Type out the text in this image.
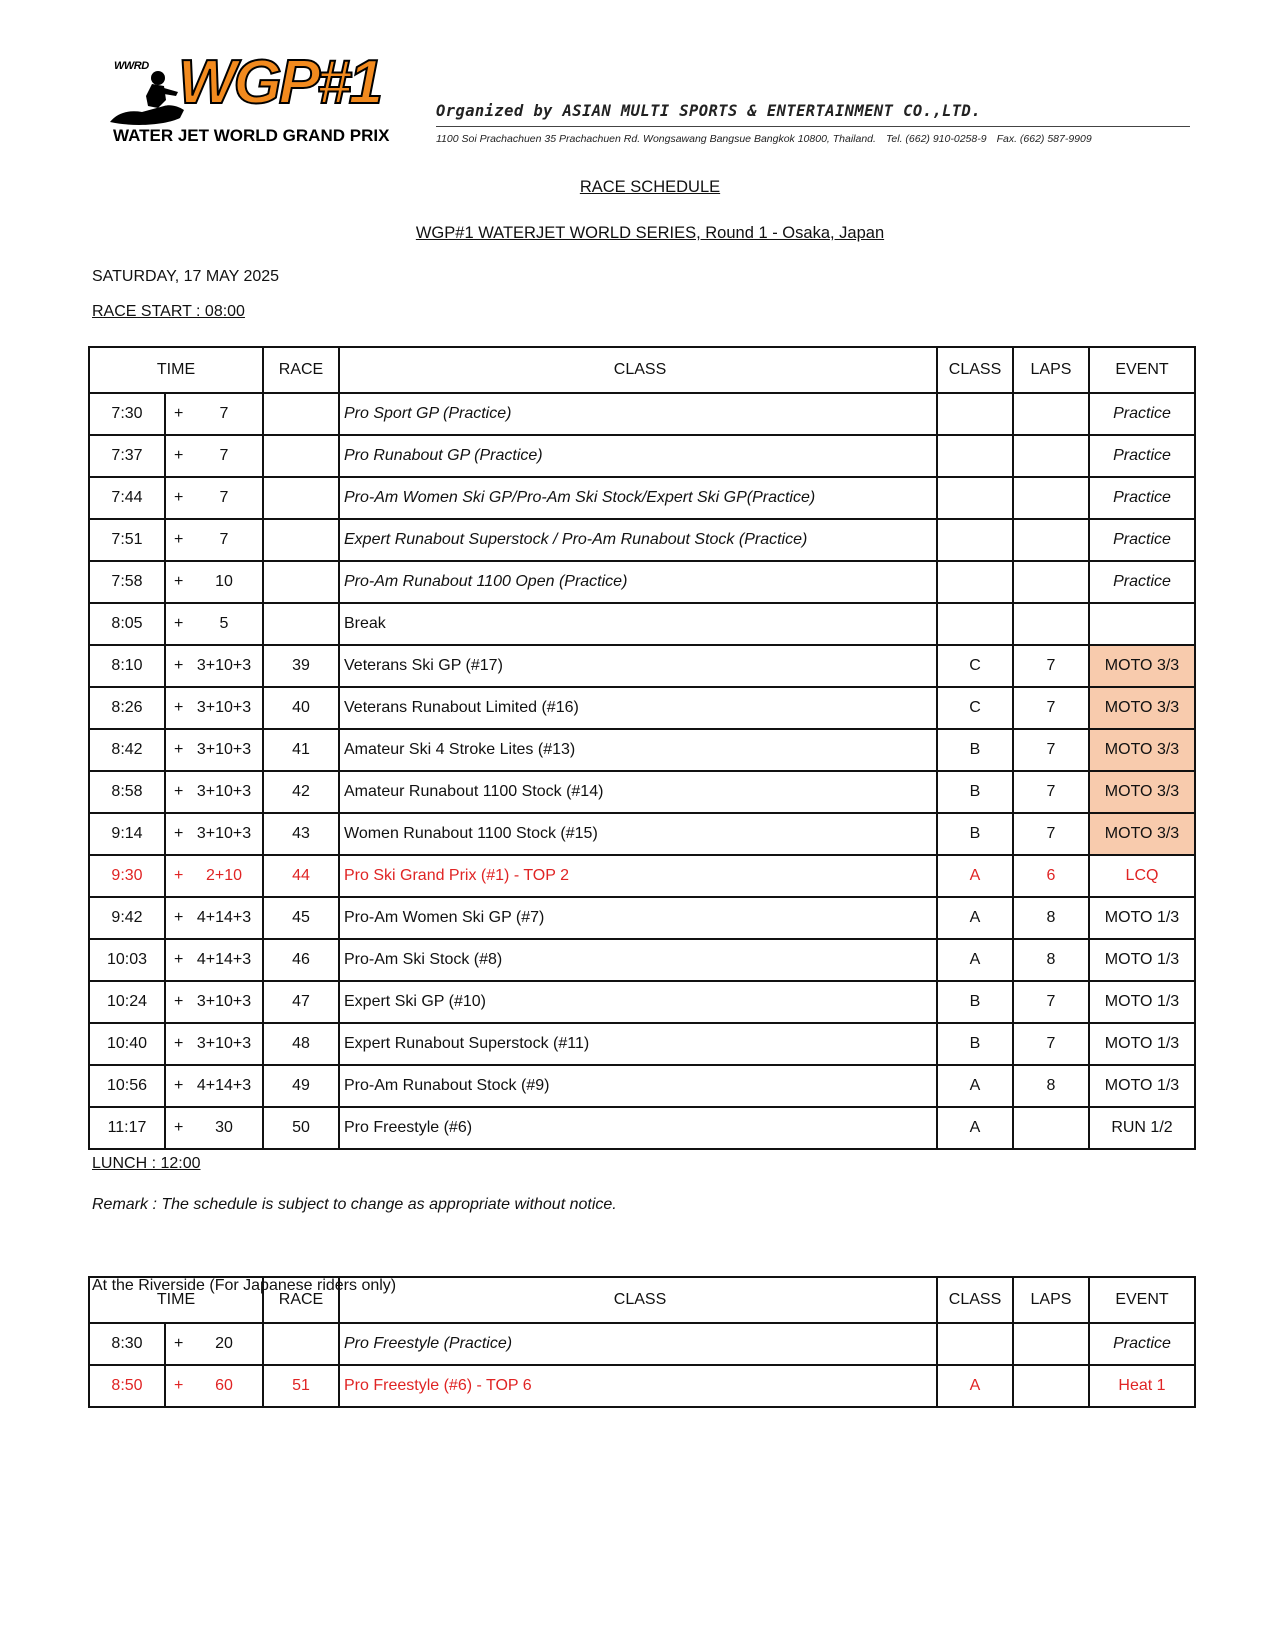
WWRD WGP#1
WATER JET WORLD GRAND PRIX
Organized by ASIAN MULTI SPORTS & ENTERTAINMENT CO.,LTD.
1100 Soi Prachachuen 35 Prachachuen Rd. Wongsawang Bangsue Bangkok 10800, Thailand. Tel. (662) 910-0258-9 Fax. (662) 587-9909
RACE SCHEDULE
WGP#1 WATERJET WORLD SERIES, Round 1 - Osaka, Japan
SATURDAY, 17 MAY 2025
RACE START : 08:00
TIME		RACE	CLASS	CLASS	LAPS	EVENT
7:30	+ 7		Pro Sport GP (Practice)			Practice
7:37	+ 7		Pro Runabout GP (Practice)			Practice
7:44	+ 7		Pro-Am Women Ski GP/Pro-Am Ski Stock/Expert Ski GP(Practice)			Practice
7:51	+ 7		Expert Runabout Superstock / Pro-Am Runabout Stock (Practice)			Practice
7:58	+ 10		Pro-Am Runabout 1100 Open (Practice)			Practice
8:05	+ 5		Break			
8:10	+ 3+10+3	39	Veterans Ski GP (#17)	C	7	MOTO 3/3
8:26	+ 3+10+3	40	Veterans Runabout Limited (#16)	C	7	MOTO 3/3
8:42	+ 3+10+3	41	Amateur Ski 4 Stroke Lites (#13)	B	7	MOTO 3/3
8:58	+ 3+10+3	42	Amateur Runabout 1100 Stock (#14)	B	7	MOTO 3/3
9:14	+ 3+10+3	43	Women Runabout 1100 Stock (#15)	B	7	MOTO 3/3
9:30	+ 2+10	44	Pro Ski Grand Prix (#1) - TOP 2	A	6	LCQ
9:42	+ 4+14+3	45	Pro-Am Women Ski GP (#7)	A	8	MOTO 1/3
10:03	+ 4+14+3	46	Pro-Am Ski Stock (#8)	A	8	MOTO 1/3
10:24	+ 3+10+3	47	Expert Ski GP (#10)	B	7	MOTO 1/3
10:40	+ 3+10+3	48	Expert Runabout Superstock (#11)	B	7	MOTO 1/3
10:56	+ 4+14+3	49	Pro-Am Runabout Stock (#9)	A	8	MOTO 1/3
11:17	+ 30	50	Pro Freestyle (#6)	A		RUN 1/2
LUNCH : 12:00
Remark : The schedule is subject to change as appropriate without notice.
At the Riverside (For Japanese riders only)
TIME		RACE	CLASS	CLASS	LAPS	EVENT
8:30	+ 20		Pro Freestyle (Practice)			Practice
8:50	+ 60	51	Pro Freestyle (#6) - TOP 6	A		Heat 1
